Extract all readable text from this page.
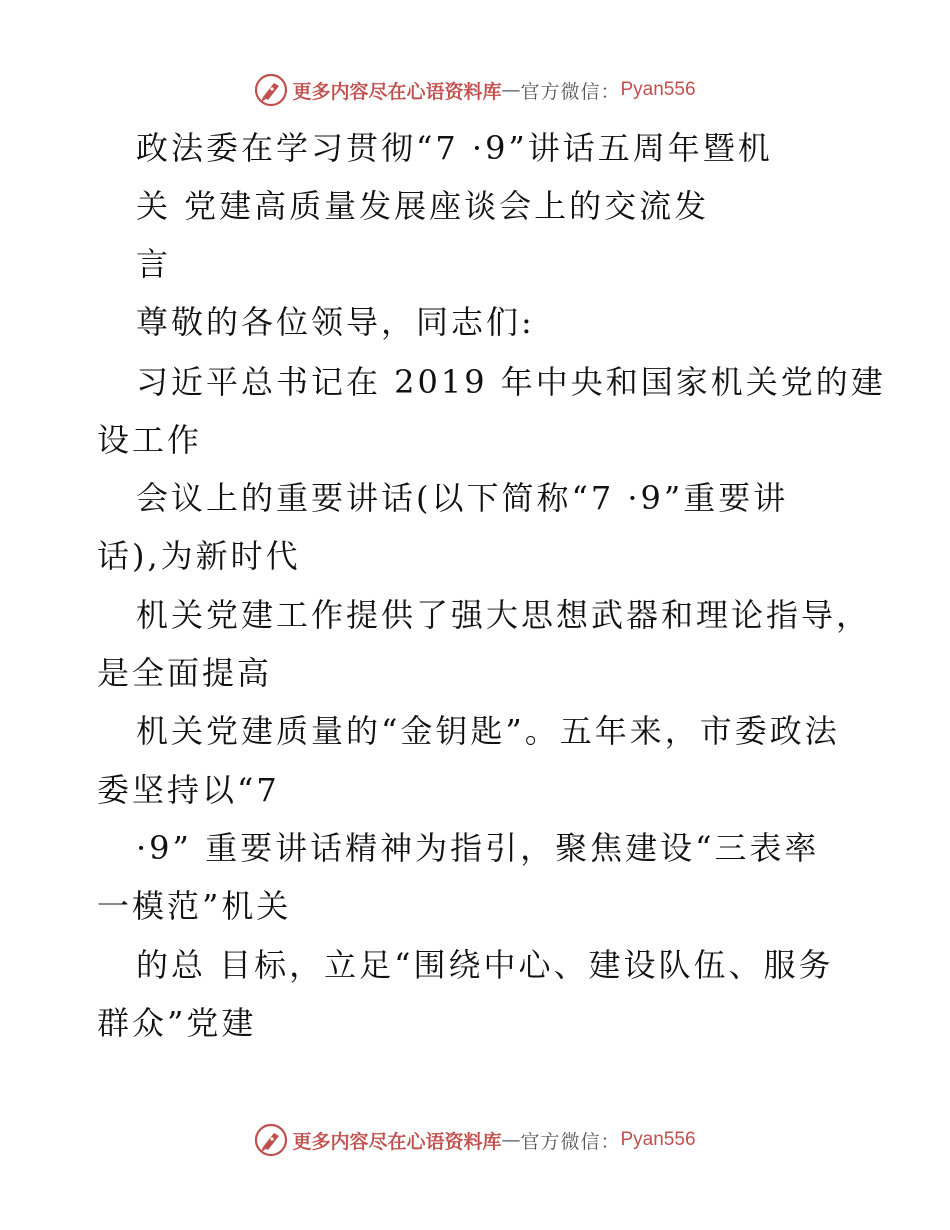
更多内容尽在心语资料库 — 官方微信： Pyan556
政法委在学习贯彻“7 ·9”讲话五周年暨机
关 党建高质量发展座谈会上的交流发
言
尊敬的各位领导，同志们:
习近平总书记在 2019 年中央和国家机关党的建
设工作
会议上的重要讲话(以下简称“7 ·9”重要讲
话),为新时代
机关党建工作提供了强大思想武器和理论指导，
是全面提高
机关党建质量的“金钥匙”。五年来，市委政法
委坚持以“7
·9” 重要讲话精神为指引，聚焦建设“三表率
一模范”机关
的总 目标，立足“围绕中心、建设队伍、服务
群众”党建
更多内容尽在心语资料库 — 官方微信： Pyan556
